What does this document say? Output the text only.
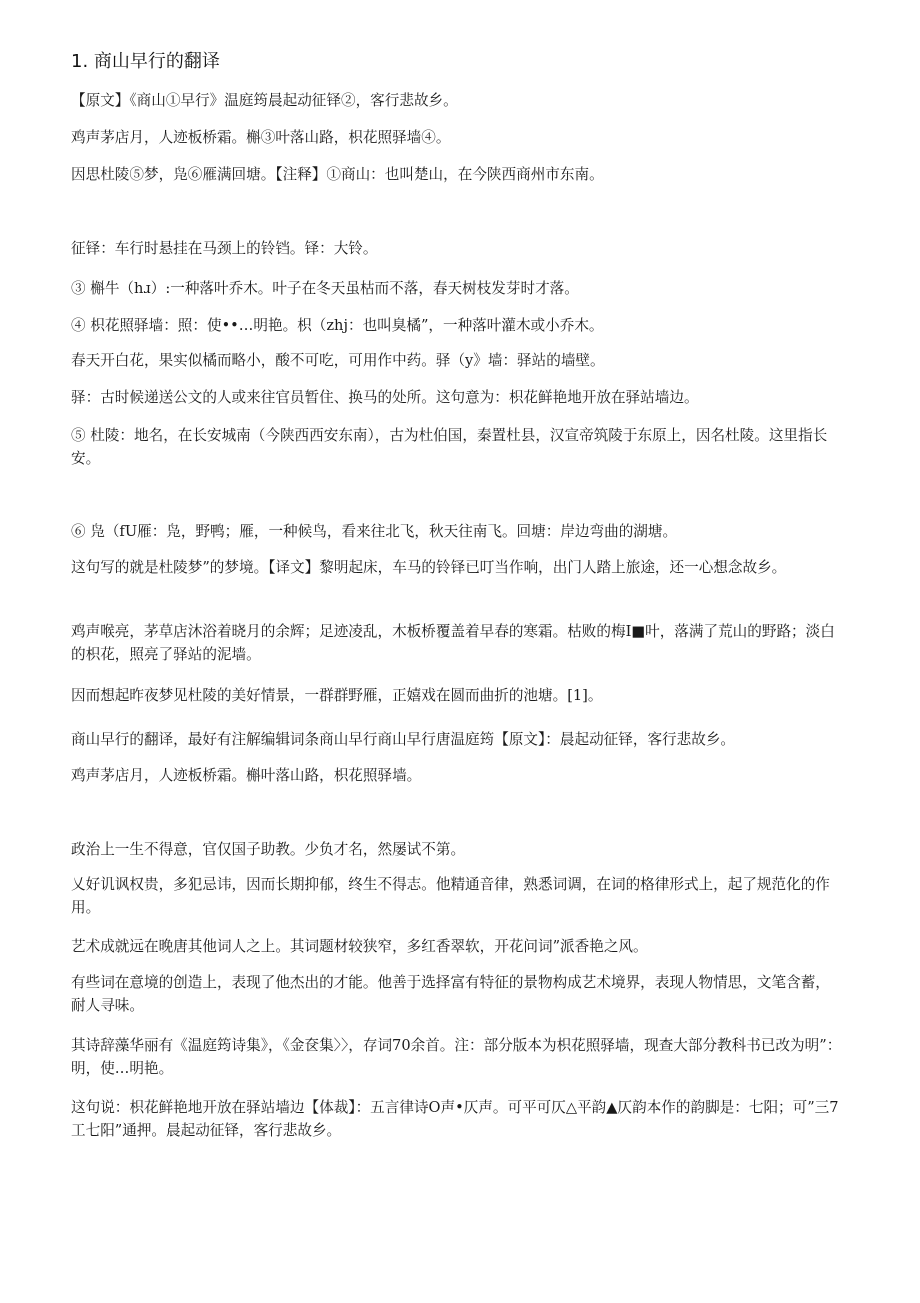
1. 商山早行的翻译

【原文】《商山①早行》温庭筠晨起动征铎②，客行悲故乡。

鸡声茅店月，人迹板桥霜。槲③叶落山路，枳花照驿墙④。

因思杜陵⑤梦，凫⑥雁满回塘。【注释】①商山：也叫楚山，在今陕西商州市东南。

征铎：车行时悬挂在马颈上的铃铛。铎：大铃。

③ 槲牛（hɹ）:一种落叶乔木。叶子在冬天虽枯而不落，春天树枝发芽时才落。

④ 枳花照驿墙：照：使••…明艳。枳（zhj：也叫臭橘”，一种落叶灌木或小乔木。

春天开白花，果实似橘而略小，酸不可吃，可用作中药。驿（y》墙：驿站的墙壁。

驿：古时候递送公文的人或来往官员暂住、换马的处所。这句意为：枳花鲜艳地开放在驿站墙边。

⑤ 杜陵：地名，在长安城南（今陕西西安东南），古为杜伯国，秦置杜县，汉宣帝筑陵于东原上，因名杜陵。这里指长安。

⑥ 凫（fU雁：凫，野鸭；雁，一种候鸟，看来往北飞，秋天往南飞。回塘：岸边弯曲的湖塘。

这句写的就是杜陵梦”的梦境。【译文】黎明起床，车马的铃铎已叮当作响，出门人踏上旅途，还一心想念故乡。

鸡声喉亮，茅草店沐浴着晓月的余辉；足迹凌乱，木板桥覆盖着早春的寒霜。枯败的梅I■叶，落满了荒山的野路；淡白的枳花，照亮了驿站的泥墙。

因而想起昨夜梦见杜陵的美好情景，一群群野雁，正嬉戏在圆而曲折的池塘。[1]。

商山早行的翻译，最好有注解编辑词条商山早行商山早行唐温庭筠【原文】：晨起动征铎，客行悲故乡。

鸡声茅店月，人迹板桥霜。槲叶落山路，枳花照驿墙。

政治上一生不得意，官仅国子助教。少负才名，然屡试不第。

乂好讥讽权贵，多犯忌讳，因而长期抑郁，终生不得志。他精通音律，熟悉词调，在词的格律形式上，起了规范化的作用。

艺术成就远在晚唐其他词人之上。其词题材较狭窄，多红香翠软，开花问词”派香艳之风。

有些词在意境的创造上，表现了他杰出的才能。他善于选择富有特征的景物构成艺术境界，表现人物情思，文笔含蓄，耐人寻味。

其诗辞藻华丽有《温庭筠诗集》，《金奁集〉〉，存词70余首。注：部分版本为枳花照驿墙，现查大部分教科书已改为明”：明，使…明艳。

这句说：枳花鲜艳地开放在驿站墙边【体裁】：五言律诗O声•仄声。可平可仄△平韵▲仄韵本作的韵脚是：七阳；可”三7工七阳”通押。晨起动征铎，客行悲故乡。
